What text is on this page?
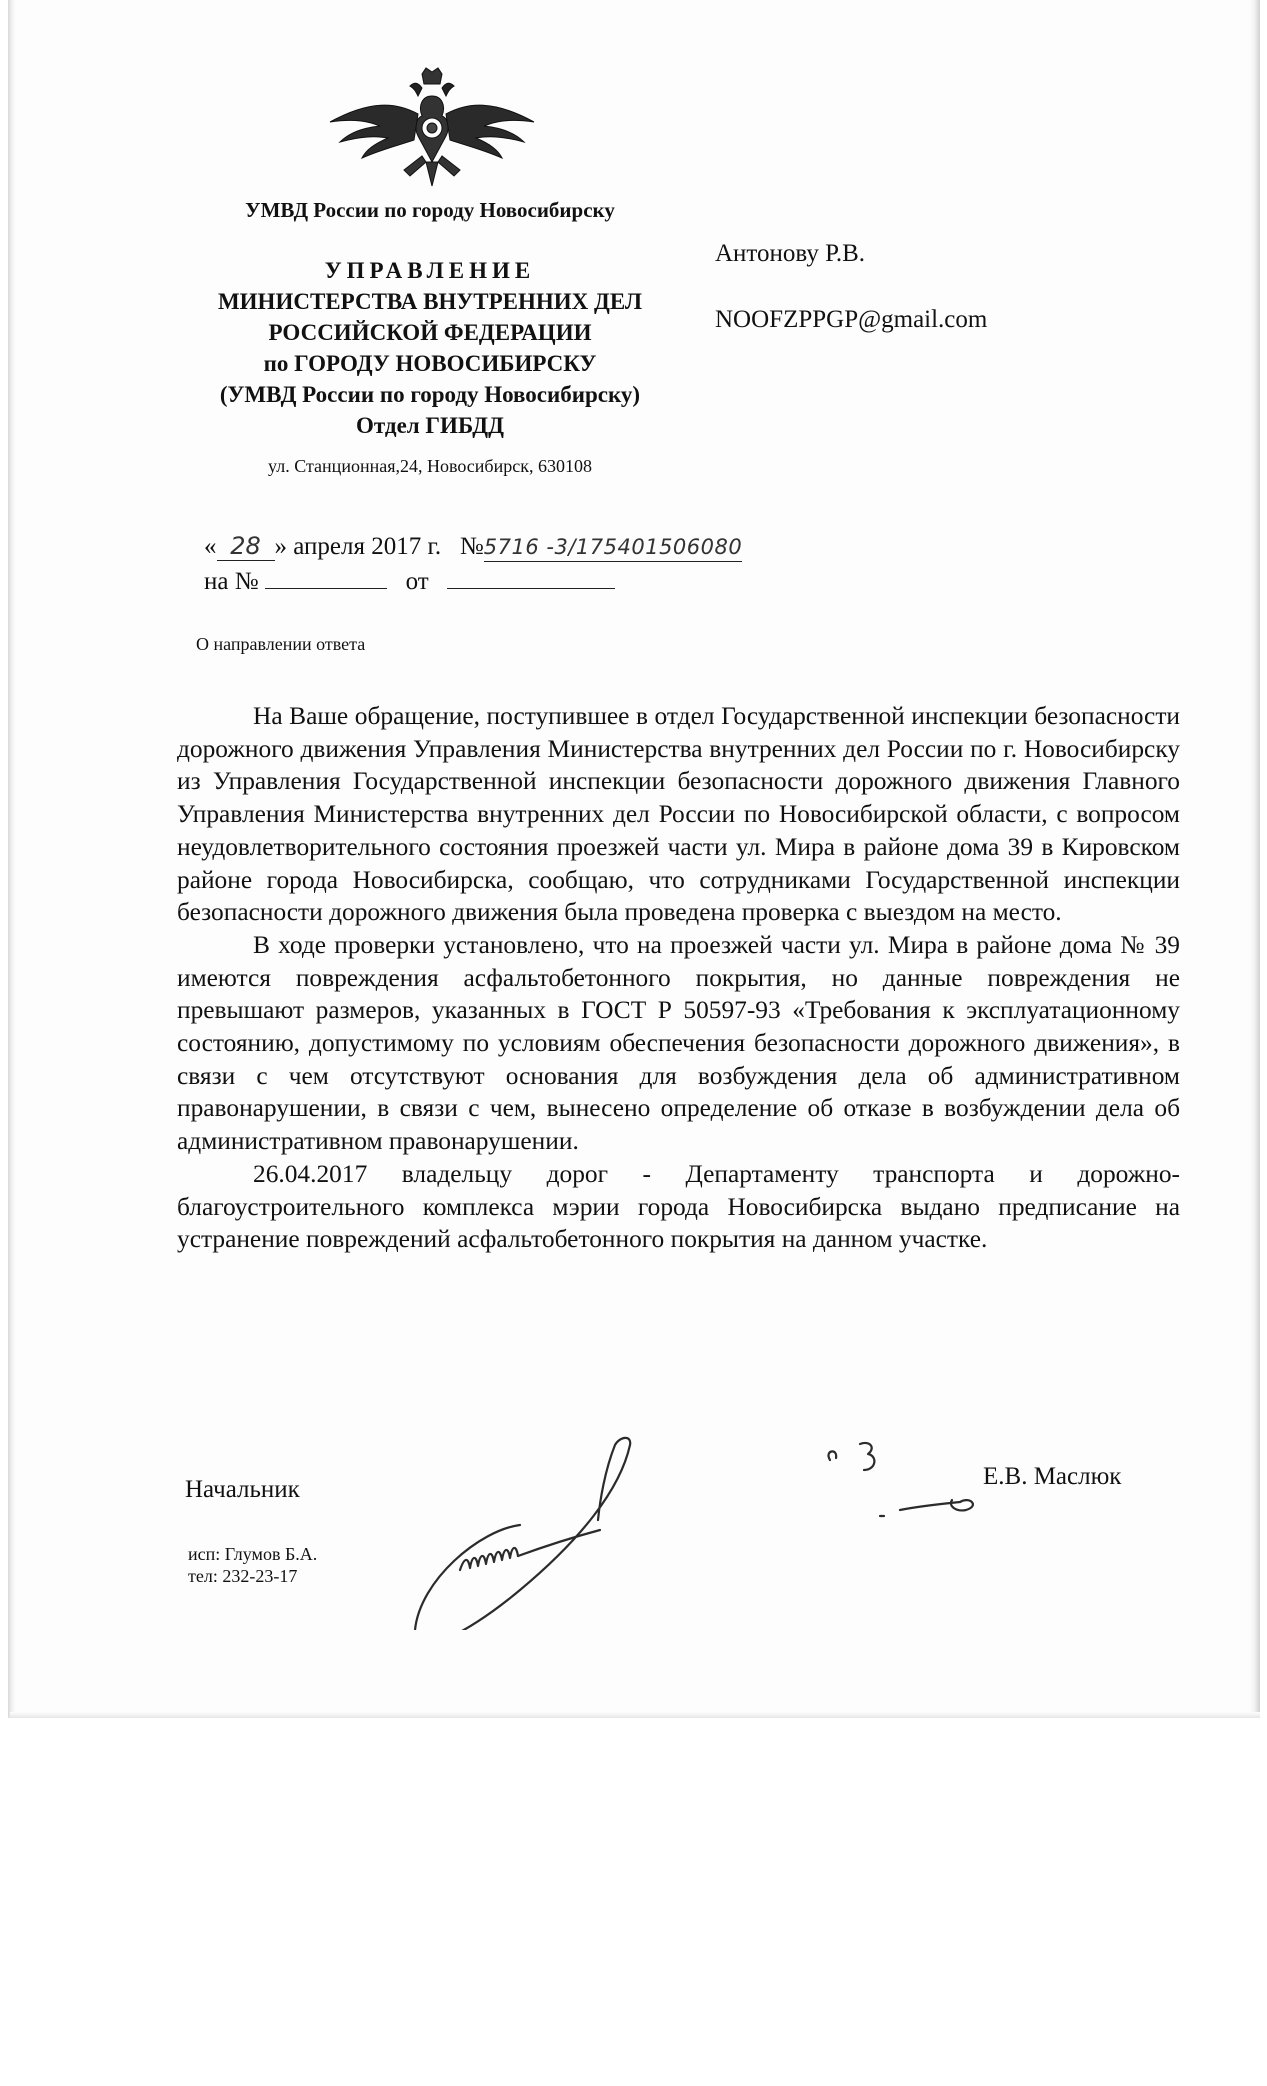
УМВД России по городу Новосибирску
УПРАВЛЕНИЕ
МИНИСТЕРСТВА ВНУТРЕННИХ ДЕЛ
РОССИЙСКОЙ ФЕДЕРАЦИИ
по ГОРОДУ НОВОСИБИРСКУ
(УМВД России по городу Новосибирску)
Отдел ГИБДД
ул. Станционная,24, Новосибирск, 630108
Антонову Р.В.
NOOFZPPGP@gmail.com
« 28 » апреля 2017 г. №5716 -3/175401506080
на №	от
О направлении ответа

На Ваше обращение, поступившее в отдел Государственной инспекции безопасности дорожного движения Управления Министерства внутренних дел России по г. Новосибирску из Управления Государственной инспекции безопасности дорожного движения Главного Управления Министерства внутренних дел России по Новосибирской области, с вопросом неудовлетворительного состояния проезжей части ул. Мира в районе дома 39 в Кировском районе города Новосибирска, сообщаю, что сотрудниками Государственной инспекции безопасности дорожного движения была проведена проверка с выездом на место.

В ходе проверки установлено, что на проезжей части ул. Мира в районе дома № 39 имеются повреждения асфальтобетонного покрытия, но данные повреждения не превышают размеров, указанных в ГОСТ Р 50597-93 «Требования к эксплуатационному состоянию, допустимому по условиям обеспечения безопасности дорожного движения», в связи с чем отсутствуют основания для возбуждения дела об административном правонарушении, в связи с чем, вынесено определение об отказе в возбуждении дела об административном правонарушении.

26.04.2017 владельцу дорог - Департаменту транспорта и дорожно-благоустроительного комплекса мэрии города Новосибирска выдано предписание на устранение повреждений асфальтобетонного покрытия на данном участке.

Начальник	Е.В. Маслюк
исп: Глумов Б.А.
тел: 232-23-17
